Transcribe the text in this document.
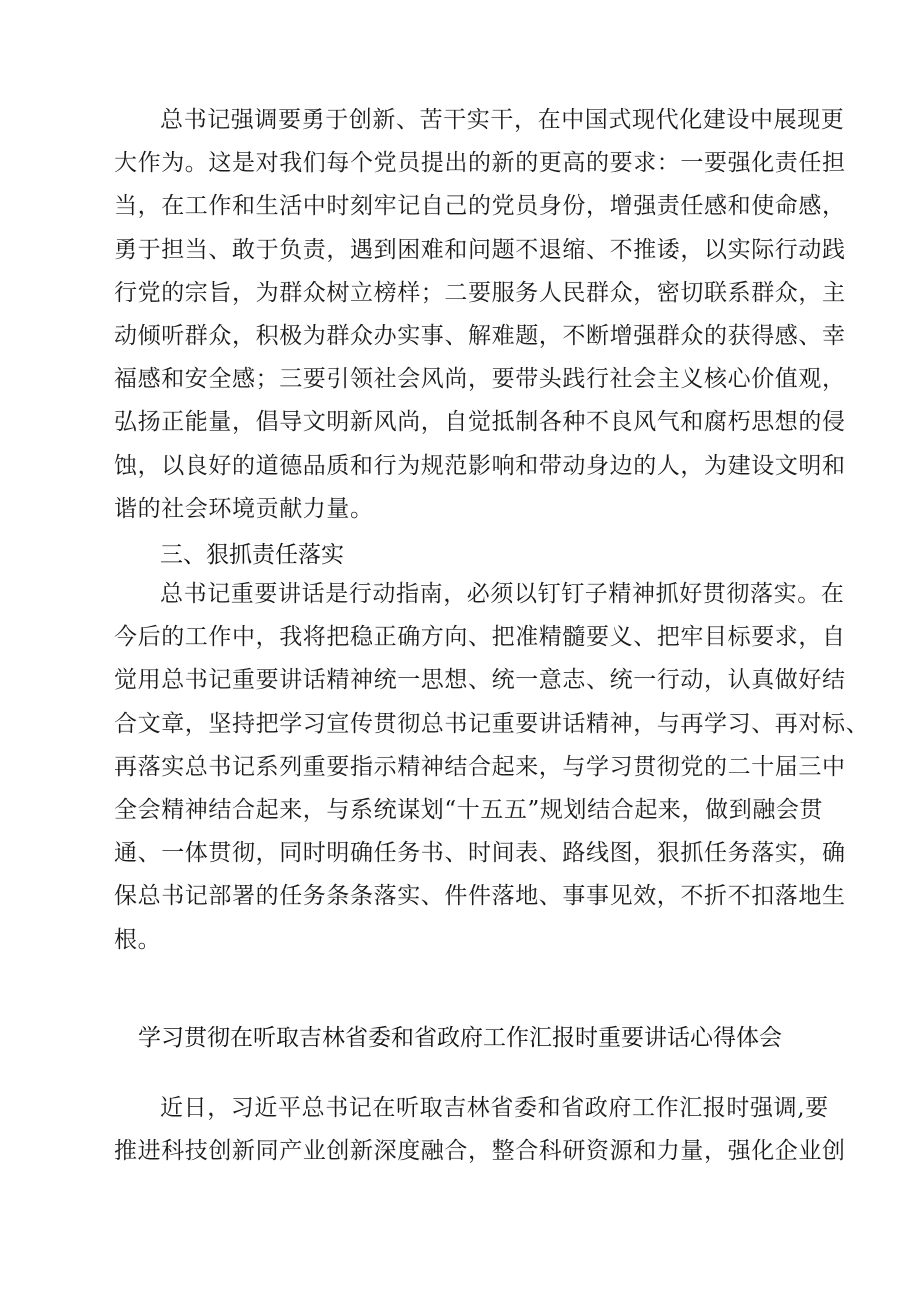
总书记强调要勇于创新、苦干实干，在中国式现代化建设中展现更
大作为。这是对我们每个党员提出的新的更高的要求：一要强化责任担
当，在工作和生活中时刻牢记自己的党员身份，增强责任感和使命感，
勇于担当、敢于负责，遇到困难和问题不退缩、不推诿，以实际行动践
行党的宗旨，为群众树立榜样；二要服务人民群众，密切联系群众，主
动倾听群众，积极为群众办实事、解难题，不断增强群众的获得感、幸
福感和安全感；三要引领社会风尚，要带头践行社会主义核心价值观，
弘扬正能量，倡导文明新风尚，自觉抵制各种不良风气和腐朽思想的侵
蚀，以良好的道德品质和行为规范影响和带动身边的人，为建设文明和
谐的社会环境贡献力量。
三、狠抓责任落实
总书记重要讲话是行动指南，必须以钉钉子精神抓好贯彻落实。在
今后的工作中，我将把稳正确方向、把准精髓要义、把牢目标要求，自
觉用总书记重要讲话精神统一思想、统一意志、统一行动，认真做好结
合文章，坚持把学习宣传贯彻总书记重要讲话精神，与再学习、再对标、
再落实总书记系列重要指示精神结合起来，与学习贯彻党的二十届三中
全会精神结合起来，与系统谋划“十五五”规划结合起来，做到融会贯
通、一体贯彻，同时明确任务书、时间表、路线图，狠抓任务落实，确
保总书记部署的任务条条落实、件件落地、事事见效，不折不扣落地生
根。
学习贯彻在听取吉林省委和省政府工作汇报时重要讲话心得体会
近日，习近平总书记在听取吉林省委和省政府工作汇报时强调,要
推进科技创新同产业创新深度融合，整合科研资源和力量，强化企业创
